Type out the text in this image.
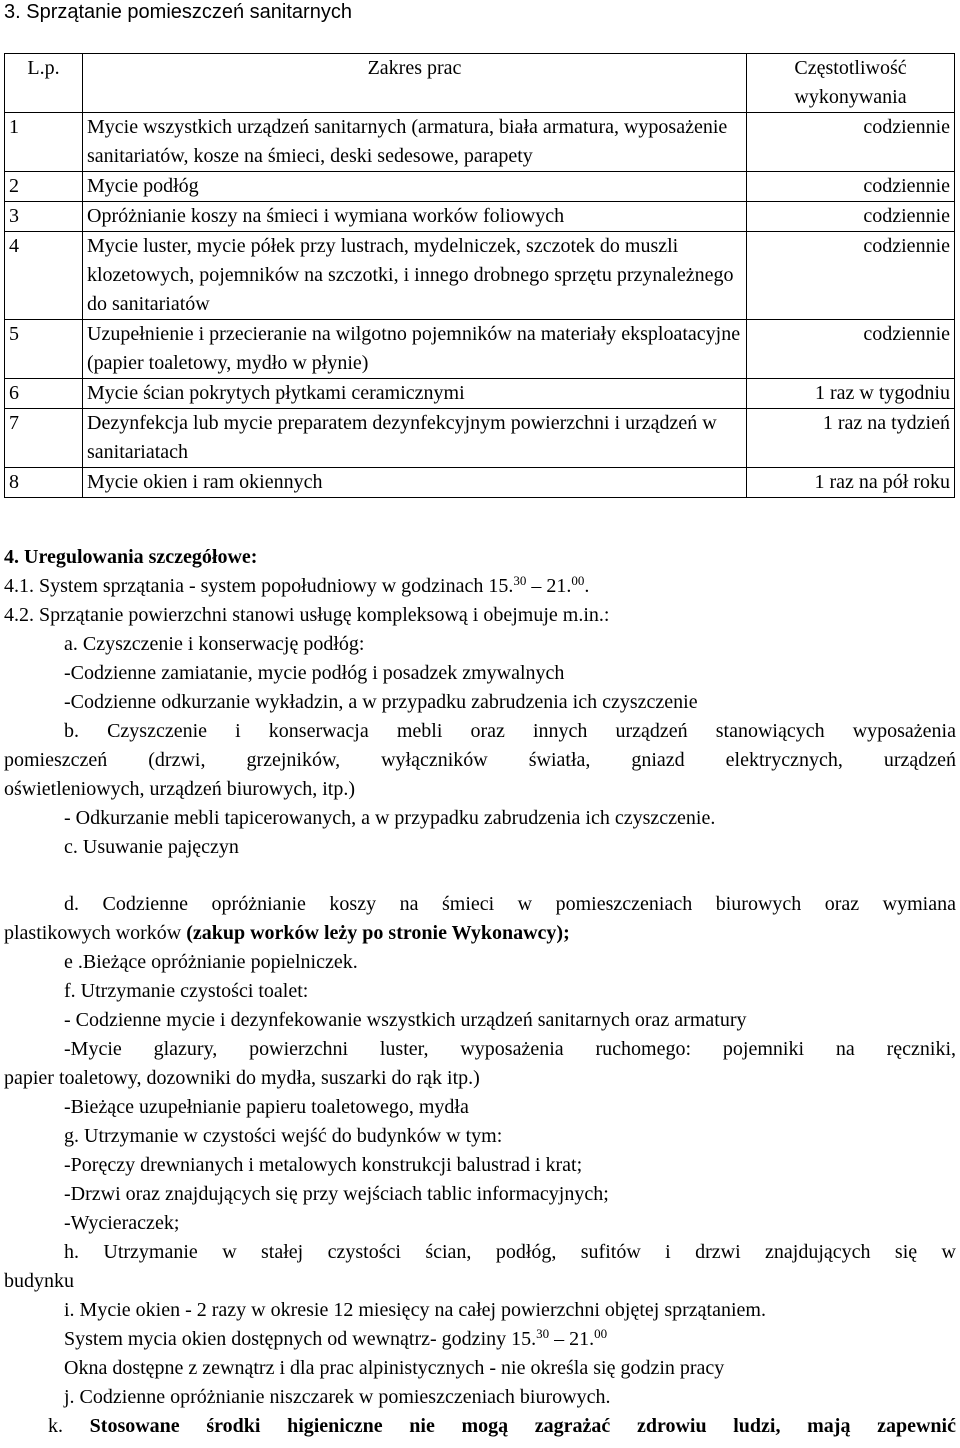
3. Sprzątanie pomieszczeń sanitarnych
L.p.	Zakres prac	Częstotliwość wykonywania
1	Mycie wszystkich urządzeń sanitarnych (armatura, biała armatura, wyposażenie sanitariatów, kosze na śmieci, deski sedesowe, parapety	codziennie
2	Mycie podłóg	codziennie
3	Opróżnianie koszy na śmieci i wymiana worków foliowych	codziennie
4	Mycie luster, mycie półek przy lustrach, mydelniczek, szczotek do muszli klozetowych, pojemników na szczotki, i innego drobnego sprzętu przynależnego do sanitariatów	codziennie
5	Uzupełnienie i przecieranie na wilgotno pojemników na materiały eksploatacyjne (papier toaletowy, mydło w płynie)	codziennie
6	Mycie ścian pokrytych płytkami ceramicznymi	1 raz w tygodniu
7	Dezynfekcja lub mycie preparatem dezynfekcyjnym powierzchni i urządzeń w sanitariatach	1 raz na tydzień
8	Mycie okien i ram okiennych	1 raz na pół roku

4. Uregulowania szczegółowe:

4.1. System sprzątania - system popołudniowy w godzinach 15.30 – 21.00.

4.2. Sprzątanie powierzchni stanowi usługę kompleksową i obejmuje m.in.:

a. Czyszczenie i konserwację podłóg:

-Codzienne zamiatanie, mycie podłóg i posadzek zmywalnych

-Codzienne odkurzanie wykładzin, a w przypadku zabrudzenia ich czyszczenie

b. Czyszczenie i konserwacja mebli oraz innych urządzeń stanowiących wyposażenia

pomieszczeń (drzwi, grzejników, wyłączników światła, gniazd elektrycznych, urządzeń

oświetleniowych, urządzeń biurowych, itp.)

- Odkurzanie mebli tapicerowanych, a w przypadku zabrudzenia ich czyszczenie.

c. Usuwanie pajęczyn

d. Codzienne opróżnianie koszy na śmieci w pomieszczeniach biurowych oraz wymiana

plastikowych worków (zakup worków leży po stronie Wykonawcy);

e .Bieżące opróżnianie popielniczek.

f. Utrzymanie czystości toalet:

- Codzienne mycie i dezynfekowanie wszystkich urządzeń sanitarnych oraz armatury

-Mycie glazury, powierzchni luster, wyposażenia ruchomego: pojemniki na ręczniki,

papier toaletowy, dozowniki do mydła, suszarki do rąk itp.)

-Bieżące uzupełnianie papieru toaletowego, mydła

g. Utrzymanie w czystości wejść do budynków w tym:

-Poręczy drewnianych i metalowych konstrukcji balustrad i krat;

-Drzwi oraz znajdujących się przy wejściach tablic informacyjnych;

-Wycieraczek;

h. Utrzymanie w stałej czystości ścian, podłóg, sufitów i drzwi znajdujących się w

budynku

i. Mycie okien - 2 razy w okresie 12 miesięcy na całej powierzchni objętej sprzątaniem.

System mycia okien dostępnych od wewnątrz- godziny 15.30 – 21.00

Okna dostępne z zewnątrz i dla prac alpinistycznych - nie określa się godzin pracy

j. Codzienne opróżnianie niszczarek w pomieszczeniach biurowych.

k. Stosowane środki higieniczne nie mogą zagrażać zdrowiu ludzi, mają zapewnić
